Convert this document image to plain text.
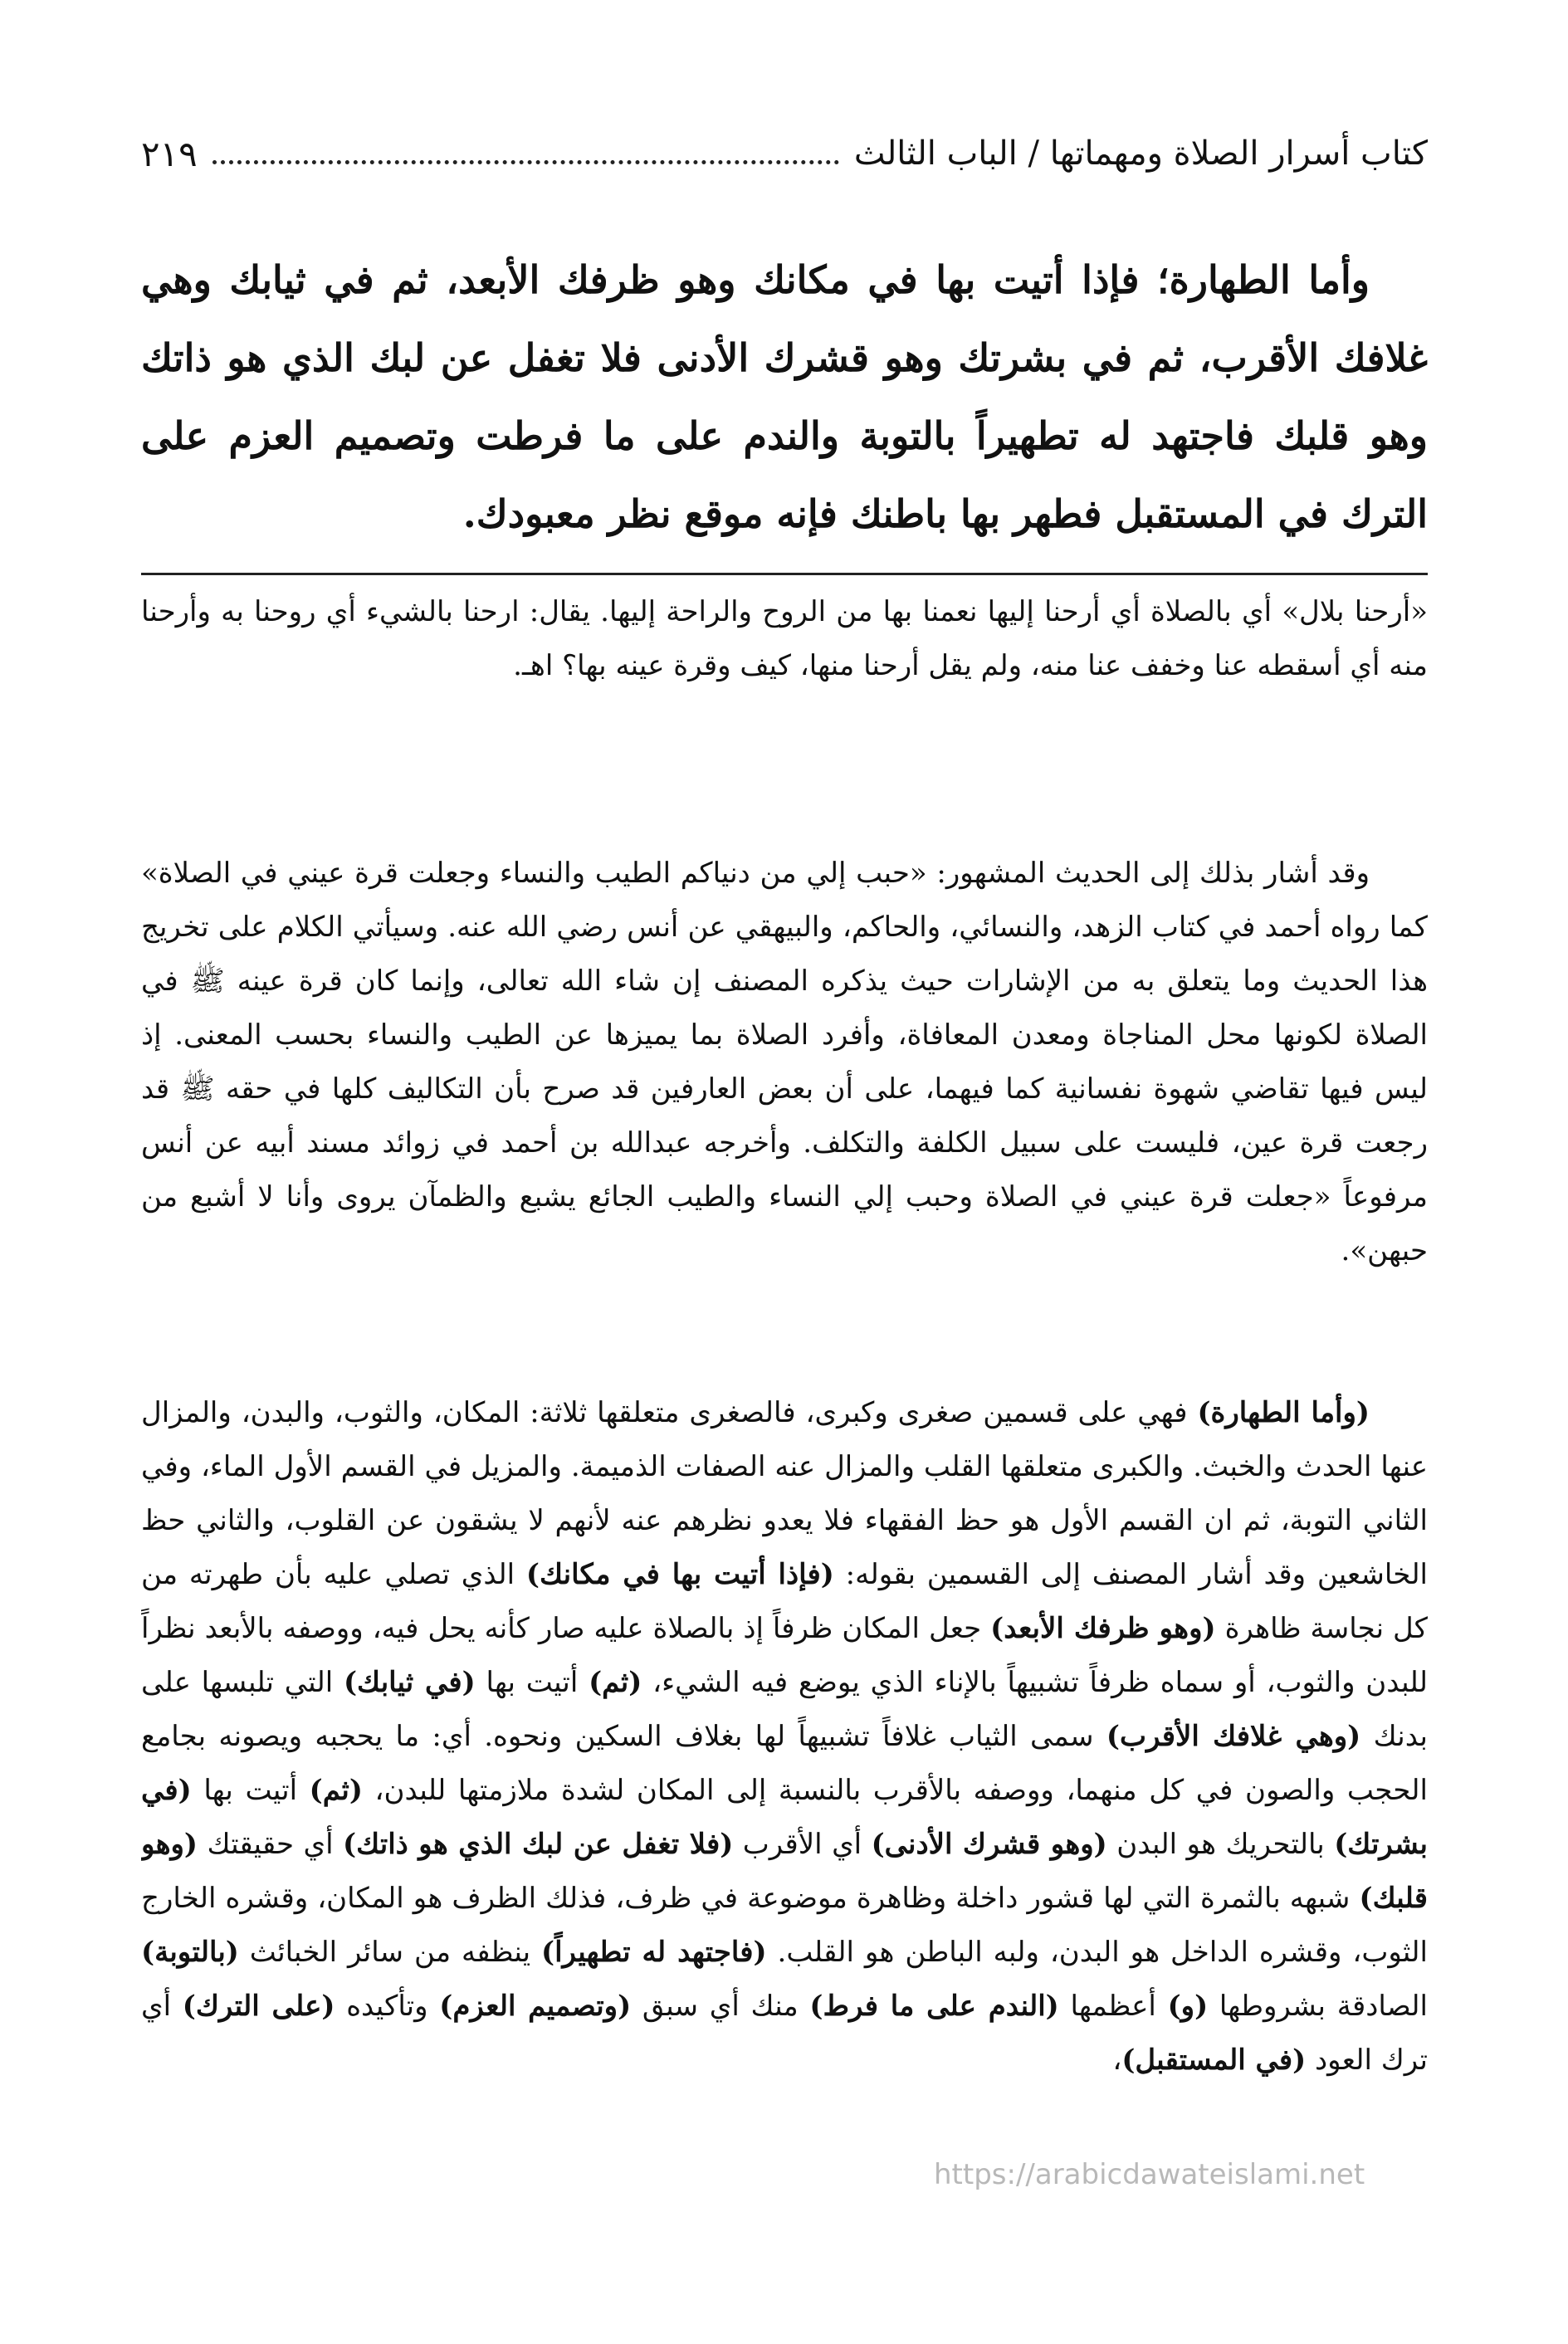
كتاب أسرار الصلاة ومهماتها / الباب الثالث
٢١٩

وأما الطهارة؛ فإذا أتيت بها في مكانك وهو ظرفك الأبعد، ثم في ثيابك وهي غلافك الأقرب، ثم في بشرتك وهو قشرك الأدنى فلا تغفل عن لبك الذي هو ذاتك وهو قلبك فاجتهد له تطهيراً بالتوبة والندم على ما فرطت وتصميم العزم على الترك في المستقبل فطهر بها باطنك فإنه موقع نظر معبودك.

«أرحنا بلال» أي بالصلاة أي أرحنا إليها نعمنا بها من الروح والراحة إليها. يقال: ارحنا بالشيء أي روحنا به وأرحنا منه أي أسقطه عنا وخفف عنا منه، ولم يقل أرحنا منها، كيف وقرة عينه بها؟ اهـ.

وقد أشار بذلك إلى الحديث المشهور: «حبب إلي من دنياكم الطيب والنساء وجعلت قرة عيني في الصلاة» كما رواه أحمد في كتاب الزهد، والنسائي، والحاكم، والبيهقي عن أنس رضي الله عنه. وسيأتي الكلام على تخريج هذا الحديث وما يتعلق به من الإشارات حيث يذكره المصنف إن شاء الله تعالى، وإنما كان قرة عينه ﷺ في الصلاة لكونها محل المناجاة ومعدن المعافاة، وأفرد الصلاة بما يميزها عن الطيب والنساء بحسب المعنى. إذ ليس فيها تقاضي شهوة نفسانية كما فيهما، على أن بعض العارفين قد صرح بأن التكاليف كلها في حقه ﷺ قد رجعت قرة عين، فليست على سبيل الكلفة والتكلف. وأخرجه عبدالله بن أحمد في زوائد مسند أبيه عن أنس مرفوعاً «جعلت قرة عيني في الصلاة وحبب إلي النساء والطيب الجائع يشبع والظمآن يروى وأنا لا أشبع من حبهن».

(وأما الطهارة) فهي على قسمين صغرى وكبرى، فالصغرى متعلقها ثلاثة: المكان، والثوب، والبدن، والمزال عنها الحدث والخبث. والكبرى متعلقها القلب والمزال عنه الصفات الذميمة. والمزيل في القسم الأول الماء، وفي الثاني التوبة، ثم ان القسم الأول هو حظ الفقهاء فلا يعدو نظرهم عنه لأنهم لا يشقون عن القلوب، والثاني حظ الخاشعين وقد أشار المصنف إلى القسمين بقوله: (فإذا أتيت بها في مكانك) الذي تصلي عليه بأن طهرته من كل نجاسة ظاهرة (وهو ظرفك الأبعد) جعل المكان ظرفاً إذ بالصلاة عليه صار كأنه يحل فيه، ووصفه بالأبعد نظراً للبدن والثوب، أو سماه ظرفاً تشبيهاً بالإناء الذي يوضع فيه الشيء، (ثم) أتيت بها (في ثيابك) التي تلبسها على بدنك (وهي غلافك الأقرب) سمى الثياب غلافاً تشبيهاً لها بغلاف السكين ونحوه. أي: ما يحجبه ويصونه بجامع الحجب والصون في كل منهما، ووصفه بالأقرب بالنسبة إلى المكان لشدة ملازمتها للبدن، (ثم) أتيت بها (في بشرتك) بالتحريك هو البدن (وهو قشرك الأدنى) أي الأقرب (فلا تغفل عن لبك الذي هو ذاتك) أي حقيقتك (وهو قلبك) شبهه بالثمرة التي لها قشور داخلة وظاهرة موضوعة في ظرف، فذلك الظرف هو المكان، وقشره الخارج الثوب، وقشره الداخل هو البدن، ولبه الباطن هو القلب. (فاجتهد له تطهيراً) ينظفه من سائر الخبائث (بالتوبة) الصادقة بشروطها (و) أعظمها (الندم على ما فرط) منك أي سبق (وتصميم العزم) وتأكيده (على الترك) أي ترك العود (في المستقبل)،

https://arabicdawateislami.net
